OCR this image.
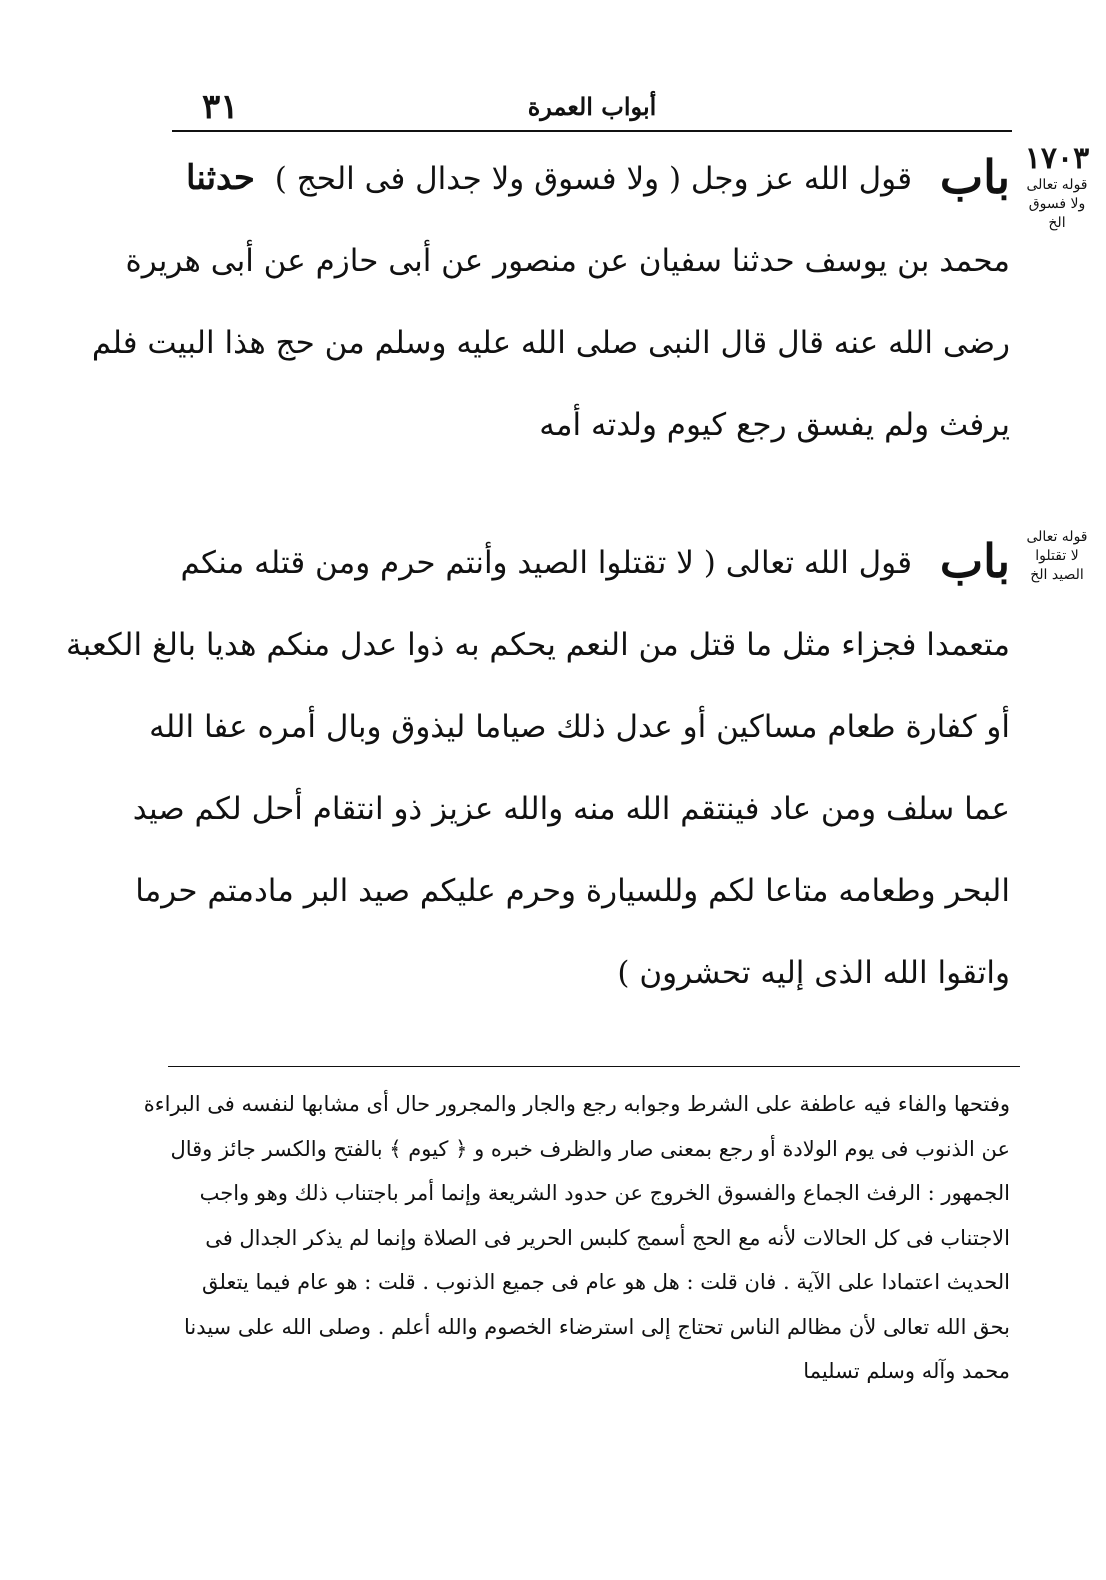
٣١	أبواب العمرة
١٧٠٣
قوله تعالى
ولا فسوق
الخ
قوله تعالى
لا تقتلوا
الصيد الخ
باب قول الله عز وجل ( ولا فسوق ولا جدال فى الحج ) حدثنا
محمد بن يوسف حدثنا سفيان عن منصور عن أبى حازم عن أبى هريرة
رضى الله عنه قال قال النبى صلى الله عليه وسلم من حج هذا البيت فلم
يرفث ولم يفسق رجع كيوم ولدته أمه
باب قول الله تعالى ( لا تقتلوا الصيد وأنتم حرم ومن قتله منكم
متعمدا فجزاء مثل ما قتل من النعم يحكم به ذوا عدل منكم هديا بالغ الكعبة
أو كفارة طعام مساكين أو عدل ذلك صياما ليذوق وبال أمره عفا الله
عما سلف ومن عاد فينتقم الله منه والله عزيز ذو انتقام أحل لكم صيد
البحر وطعامه متاعا لكم وللسيارة وحرم عليكم صيد البر مادمتم حرما
واتقوا الله الذى إليه تحشرون )
وفتحها والفاء فيه عاطفة على الشرط وجوابه رجع والجار والمجرور حال أى مشابها لنفسه فى البراءة
عن الذنوب فى يوم الولادة أو رجع بمعنى صار والظرف خبره و ﴿ كيوم ﴾ بالفتح والكسر جائز وقال
الجمهور : الرفث الجماع والفسوق الخروج عن حدود الشريعة وإنما أمر باجتناب ذلك وهو واجب
الاجتناب فى كل الحالات لأنه مع الحج أسمج كلبس الحرير فى الصلاة وإنما لم يذكر الجدال فى
الحديث اعتمادا على الآية . فان قلت : هل هو عام فى جميع الذنوب . قلت : هو عام فيما يتعلق
بحق الله تعالى لأن مظالم الناس تحتاج إلى استرضاء الخصوم والله أعلم . وصلى الله على سيدنا
محمد وآله وسلم تسليما
